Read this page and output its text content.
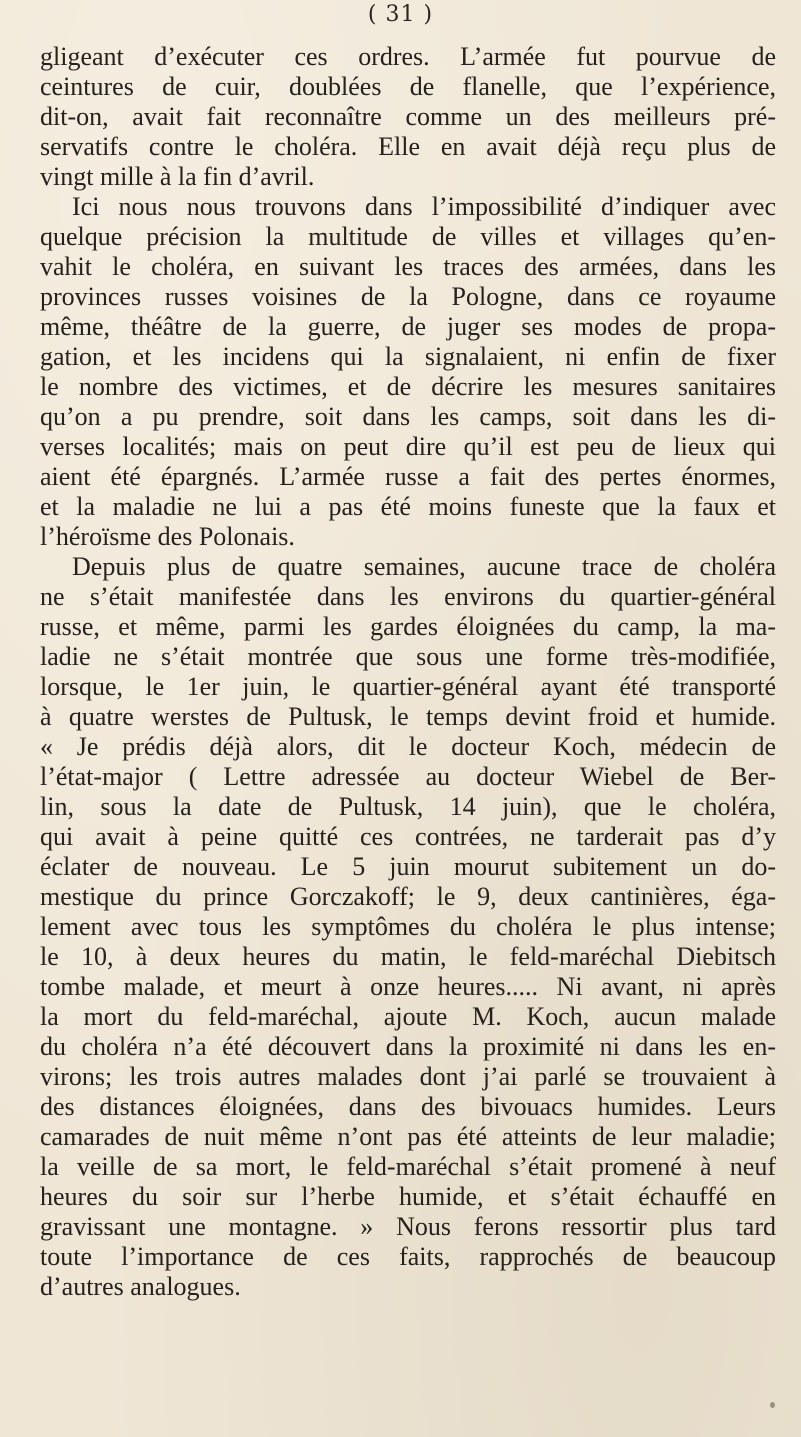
( 31 )
gligeant d’exécuter ces ordres. L’armée fut pourvue de
ceintures de cuir, doublées de flanelle, que l’expérience,
dit-on, avait fait reconnaître comme un des meilleurs pré-
servatifs contre le choléra. Elle en avait déjà reçu plus de
vingt mille à la fin d’avril.
Ici nous nous trouvons dans l’impossibilité d’indiquer avec
quelque précision la multitude de villes et villages qu’en-
vahit le choléra, en suivant les traces des armées, dans les
provinces russes voisines de la Pologne, dans ce royaume
même, théâtre de la guerre, de juger ses modes de propa-
gation, et les incidens qui la signalaient, ni enfin de fixer
le nombre des victimes, et de décrire les mesures sanitaires
qu’on a pu prendre, soit dans les camps, soit dans les di-
verses localités; mais on peut dire qu’il est peu de lieux qui
aient été épargnés. L’armée russe a fait des pertes énormes,
et la maladie ne lui a pas été moins funeste que la faux et
l’héroïsme des Polonais.
Depuis plus de quatre semaines, aucune trace de choléra
ne s’était manifestée dans les environs du quartier-général
russe, et même, parmi les gardes éloignées du camp, la ma-
ladie ne s’était montrée que sous une forme très-modifiée,
lorsque, le 1er juin, le quartier-général ayant été transporté
à quatre werstes de Pultusk, le temps devint froid et humide.
« Je prédis déjà alors, dit le docteur Koch, médecin de
l’état-major ( Lettre adressée au docteur Wiebel de Ber-
lin, sous la date de Pultusk, 14 juin), que le choléra,
qui avait à peine quitté ces contrées, ne tarderait pas d’y
éclater de nouveau. Le 5 juin mourut subitement un do-
mestique du prince Gorczakoff; le 9, deux cantinières, éga-
lement avec tous les symptômes du choléra le plus intense;
le 10, à deux heures du matin, le feld-maréchal Diebitsch
tombe malade, et meurt à onze heures..... Ni avant, ni après
la mort du feld-maréchal, ajoute M. Koch, aucun malade
du choléra n’a été découvert dans la proximité ni dans les en-
virons; les trois autres malades dont j’ai parlé se trouvaient à
des distances éloignées, dans des bivouacs humides. Leurs
camarades de nuit même n’ont pas été atteints de leur maladie;
la veille de sa mort, le feld-maréchal s’était promené à neuf
heures du soir sur l’herbe humide, et s’était échauffé en
gravissant une montagne. » Nous ferons ressortir plus tard
toute l’importance de ces faits, rapprochés de beaucoup
d’autres analogues.
